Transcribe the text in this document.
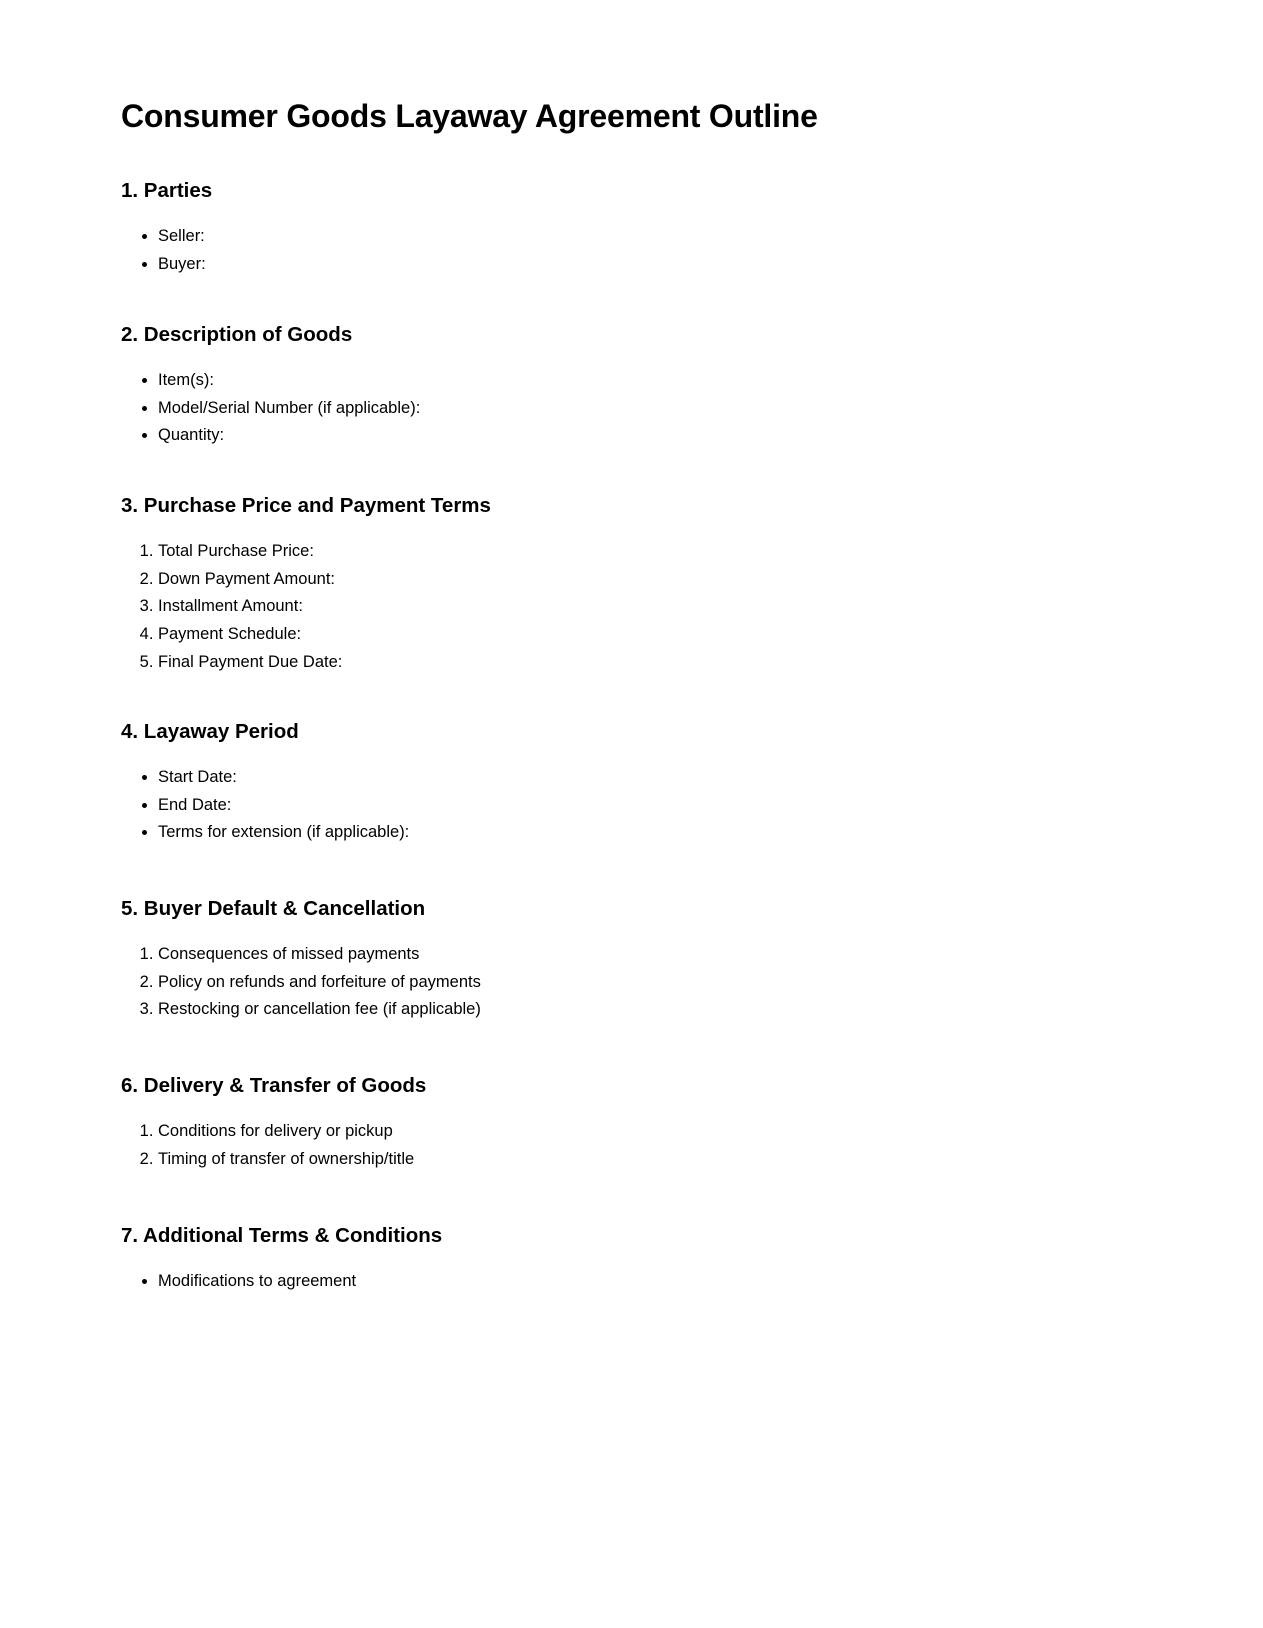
Consumer Goods Layaway Agreement Outline
1. Parties
• Seller:
• Buyer:
2. Description of Goods
• Item(s):
• Model/Serial Number (if applicable):
• Quantity:
3. Purchase Price and Payment Terms
1. Total Purchase Price:
2. Down Payment Amount:
3. Installment Amount:
4. Payment Schedule:
5. Final Payment Due Date:
4. Layaway Period
• Start Date:
• End Date:
• Terms for extension (if applicable):
5. Buyer Default & Cancellation
1. Consequences of missed payments
2. Policy on refunds and forfeiture of payments
3. Restocking or cancellation fee (if applicable)
6. Delivery & Transfer of Goods
1. Conditions for delivery or pickup
2. Timing of transfer of ownership/title
7. Additional Terms & Conditions
• Modifications to agreement
